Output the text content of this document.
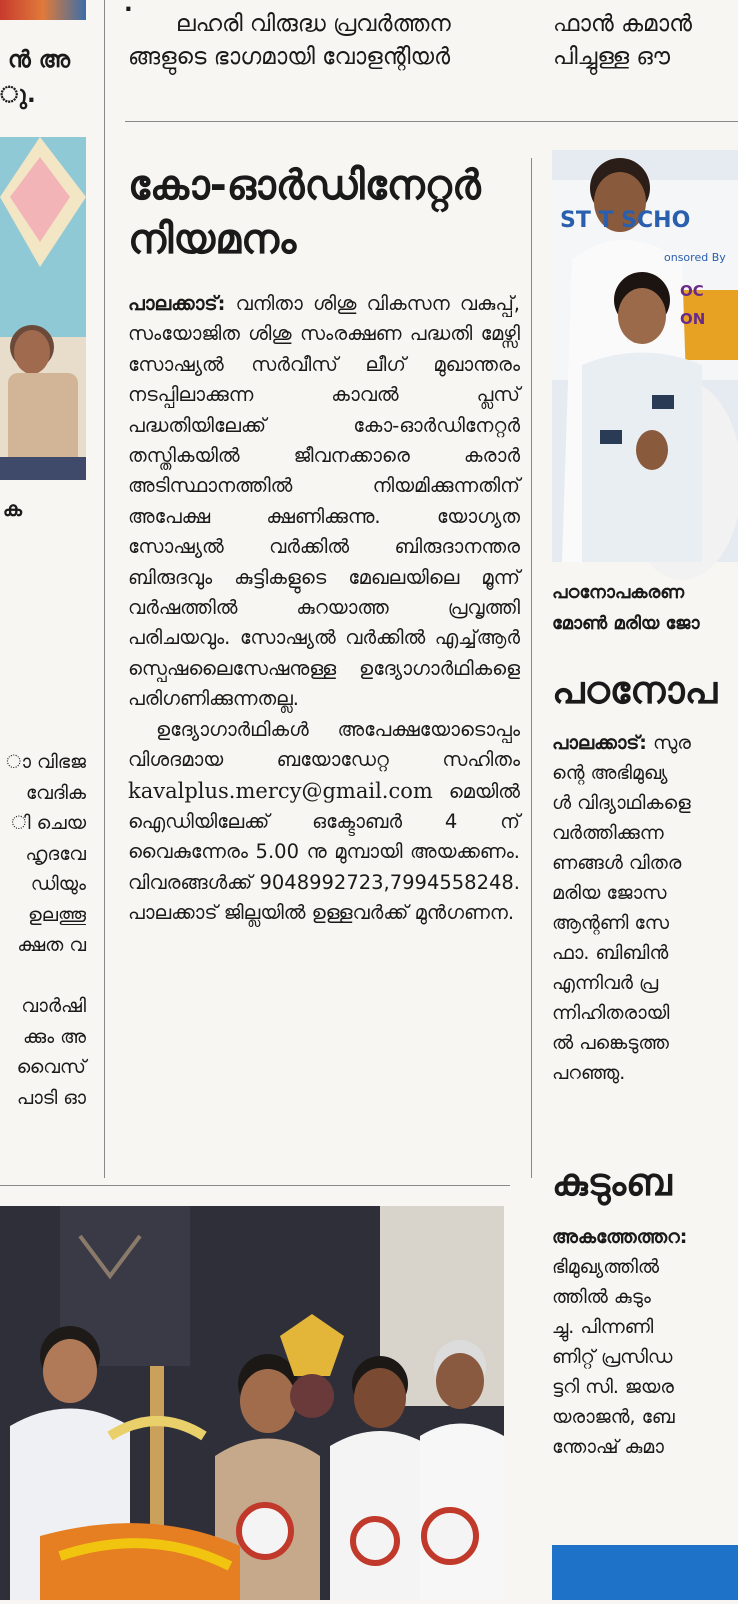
.
ലഹരി വിരുദ്ധ പ്രവർത്തന
ങ്ങളുടെ ഭാഗമായി വോളന്റിയർ
ഫാൻ കമാൻ
പിച്ചുള്ള ഔ
ൻ അ
ു.
ക
ാ വിഭജ
വേദിക
ി ചെയ
ഹൃദവേ
ഡിയും
ഉലത്തൂ
ക്ഷത വ
വാർഷി
ക്കും അ
വൈസ്
പാടി ഓ
കോ-ഓർഡിനേറ്റർ നിയമനം

പാലക്കാട്: വനിതാ ശിശു വികസന വകുപ്പ്, സംയോജിത ശിശു സംരക്ഷണ പദ്ധതി മേഴ്സി സോഷ്യൽ സർവീസ് ലീഗ് മുഖാന്തരം നടപ്പിലാക്കുന്ന കാവൽ പ്ലസ് പദ്ധതിയിലേക്ക് കോ-ഓർഡിനേറ്റർ തസ്തികയിൽ ജീവനക്കാരെ കരാർ അടിസ്ഥാനത്തിൽ നിയമിക്കുന്നതിന് അപേക്ഷ ക്ഷണിക്കുന്നു. യോഗ്യത സോഷ്യൽ വർക്കിൽ ബിരുദാനന്തര ബിരുദവും കുട്ടികളുടെ മേഖലയിലെ മൂന്ന് വർഷത്തിൽ കുറയാത്ത പ്രവൃത്തി പരിചയവും. സോഷ്യൽ വർക്കിൽ എച്ച്ആർ സ്പെഷലൈസേഷനുള്ള ഉദ്യോഗാർഥികളെ പരിഗണിക്കുന്നതല്ല.

ഉദ്യോഗാർഥികൾ അപേക്ഷയോടൊപ്പം വിശദമായ ബയോഡേറ്റ സഹിതം kavalplus.mercy@gmail.com മെയിൽ ഐഡിയിലേക്ക് ഒക്ടോബർ 4 ന് വൈകുന്നേരം 5.00 നു മുമ്പായി അയക്കണം. വിവരങ്ങൾക്ക് 9048992723,7994558248. പാലക്കാട് ജില്ലയിൽ ഉള്ളവർക്ക് മുൻഗണന.

ST T SCHO
onsored By
OC
ON
പഠനോപകരണ
മോൺ മരിയ ജോ
പഠനോപ
പാലക്കാട്: സുര
ന്റെ അഭിമുഖ്യ
ൾ വിദ്യാഥികളെ
വർത്തിക്കുന്ന
ണങ്ങൾ വിതര
മരിയ ജോസ
ആന്റണി സേ
ഫാ. ബിബിൻ
എന്നിവർ പ്ര
ന്നിഹിതരായി
ൽ പങ്കെടുത്ത
പറഞ്ഞു.
കുടുംബ
അകത്തേത്തറ:
ഭിമുഖ്യത്തിൽ
ത്തിൽ കുടും
ച്ചു. പിന്നണി
ണിറ്റ് പ്രസിഡ
ട്ടറി സി. ജയര
യരാജൻ, ബേ
ന്തോഷ് കുമാ
